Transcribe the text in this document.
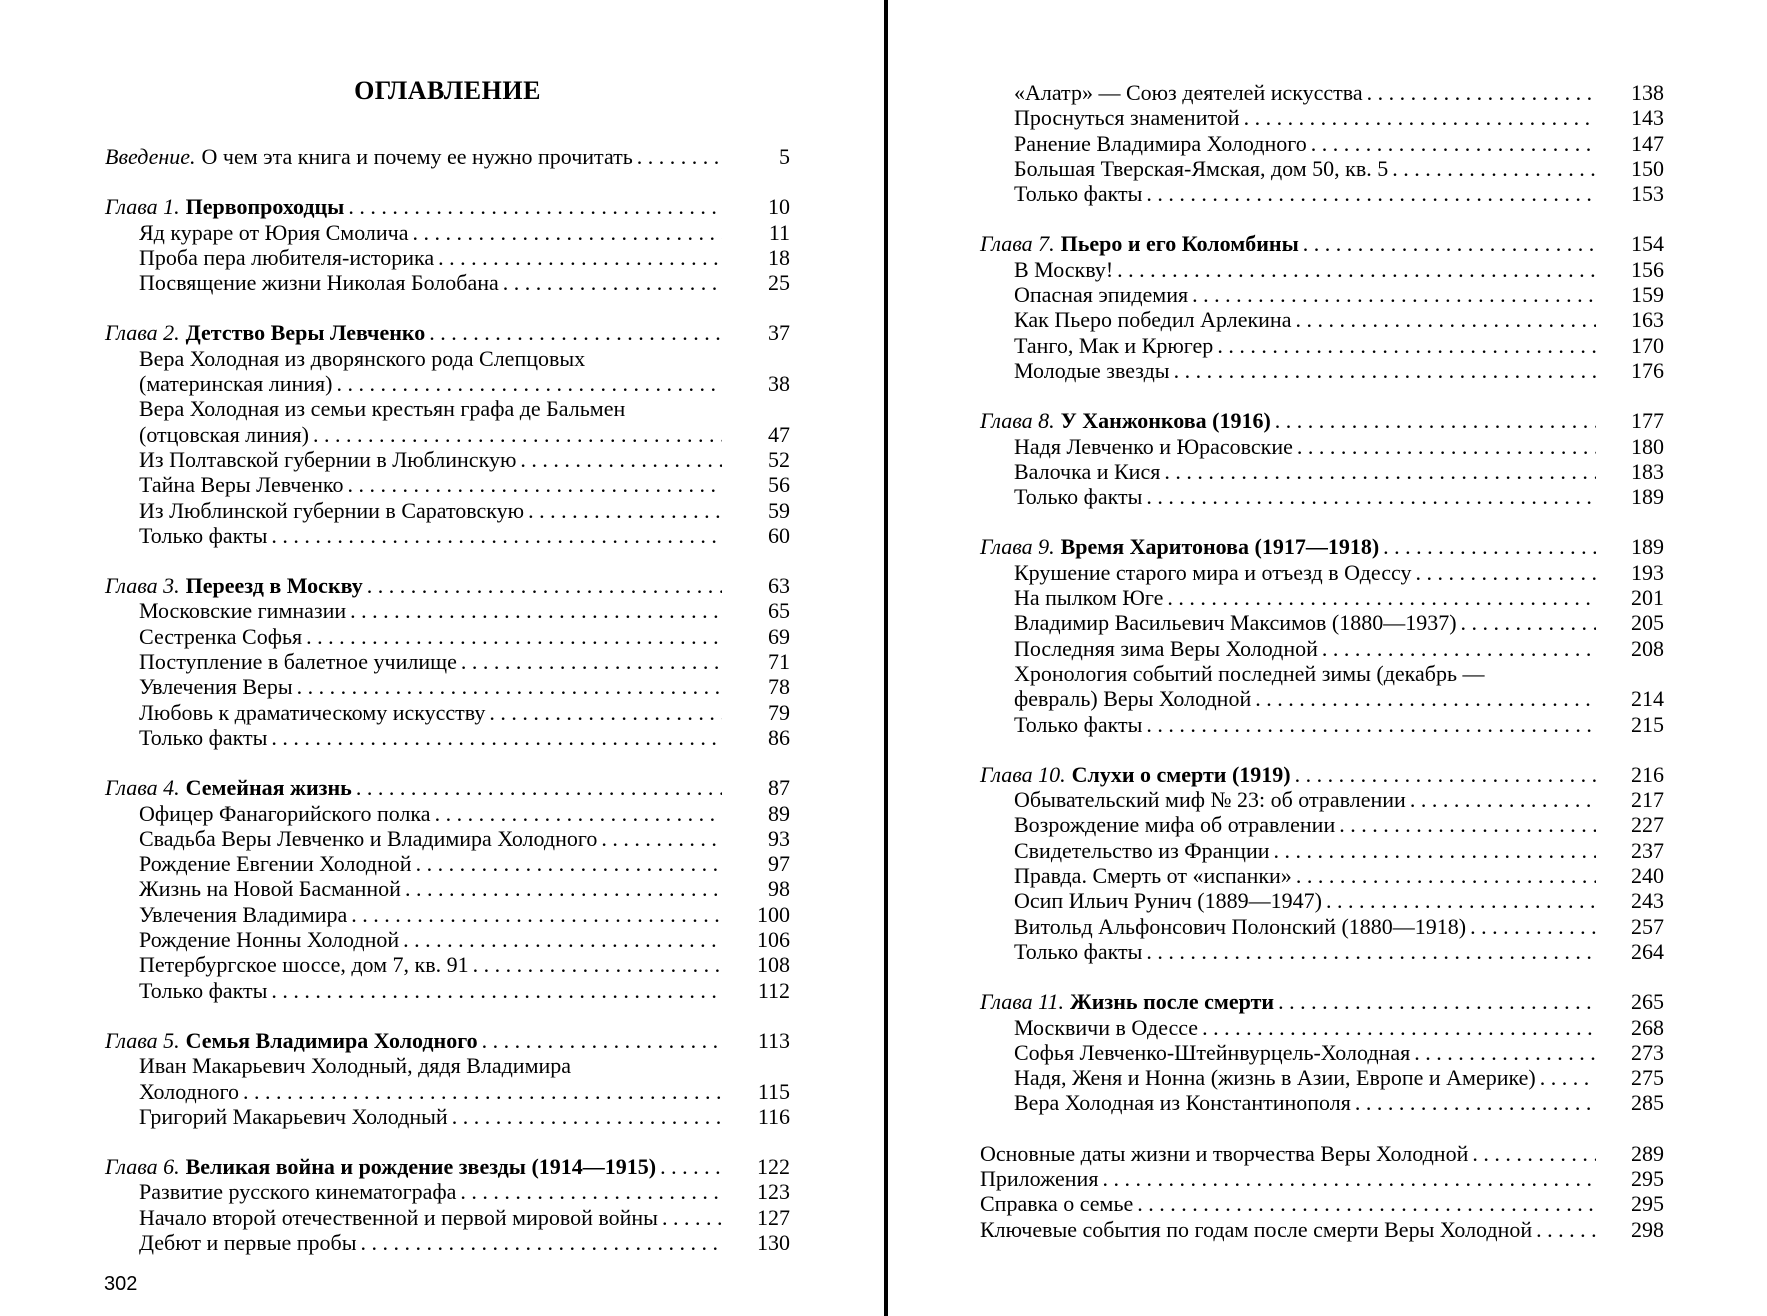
ОГЛАВЛЕНИЕ
Введение. О чем эта книга и почему ее нужно прочитать . . .	5
Глава 1. Первопроходцы . . .	10
Яд кураре от Юрия Смолича . . .	11
Проба пера любителя-историка . . .	18
Посвящение жизни Николая Болобана . . .	25
Глава 2. Детство Веры Левченко . . .	37
Вера Холодная из дворянского рода Слепцовых
(материнская линия) . . .	38
Вера Холодная из семьи крестьян графа де Бальмен
(отцовская линия) . . .	47
Из Полтавской губернии в Люблинскую . . .	52
Тайна Веры Левченко . . .	56
Из Люблинской губернии в Саратовскую . . .	59
Только факты . . .	60
Глава 3. Переезд в Москву . . .	63
Московские гимназии . . .	65
Сестренка Софья . . .	69
Поступление в балетное училище . . .	71
Увлечения Веры . . .	78
Любовь к драматическому искусству . . .	79
Только факты . . .	86
Глава 4. Семейная жизнь . . .	87
Офицер Фанагорийского полка . . .	89
Свадьба Веры Левченко и Владимира Холодного . . .	93
Рождение Евгении Холодной . . .	97
Жизнь на Новой Басманной . . .	98
Увлечения Владимира . . .	100
Рождение Нонны Холодной . . .	106
Петербургское шоссе, дом 7, кв. 91 . . .	108
Только факты . . .	112
Глава 5. Семья Владимира Холодного . . .	113
Иван Макарьевич Холодный, дядя Владимира
Холодного . . .	115
Григорий Макарьевич Холодный . . .	116
Глава 6. Великая война и рождение звезды (1914—1915) . . .	122
Развитие русского кинематографа . . .	123
Начало второй отечественной и первой мировой войны . . .	127
Дебют и первые пробы . . .	130
302
«Алатр» — Союз деятелей искусства . . .	138
Проснуться знаменитой . . .	143
Ранение Владимира Холодного . . .	147
Большая Тверская-Ямская, дом 50, кв. 5 . . .	150
Только факты . . .	153
Глава 7. Пьеро и его Коломбины . . .	154
В Москву! . . .	156
Опасная эпидемия . . .	159
Как Пьеро победил Арлекина . . .	163
Танго, Мак и Крюгер . . .	170
Молодые звезды . . .	176
Глава 8. У Ханжонкова (1916) . . .	177
Надя Левченко и Юрасовские . . .	180
Валочка и Кися . . .	183
Только факты . . .	189
Глава 9. Время Харитонова (1917—1918) . . .	189
Крушение старого мира и отъезд в Одессу . . .	193
На пылком Юге . . .	201
Владимир Васильевич Максимов (1880—1937) . . .	205
Последняя зима Веры Холодной . . .	208
Хронология событий последней зимы (декабрь —
февраль) Веры Холодной . . .	214
Только факты . . .	215
Глава 10. Слухи о смерти (1919) . . .	216
Обывательский миф № 23: об отравлении . . .	217
Возрождение мифа об отравлении . . .	227
Свидетельство из Франции . . .	237
Правда. Смерть от «испанки» . . .	240
Осип Ильич Рунич (1889—1947) . . .	243
Витольд Альфонсович Полонский (1880—1918) . . .	257
Только факты . . .	264
Глава 11. Жизнь после смерти . . .	265
Москвичи в Одессе . . .	268
Софья Левченко-Штейнвурцель-Холодная . . .	273
Надя, Женя и Нонна (жизнь в Азии, Европе и Америке) . . .	275
Вера Холодная из Константинополя . . .	285
Основные даты жизни и творчества Веры Холодной . . .	289
Приложения . . .	295
Справка о семье . . .	295
Ключевые события по годам после смерти Веры Холодной . . .	298
